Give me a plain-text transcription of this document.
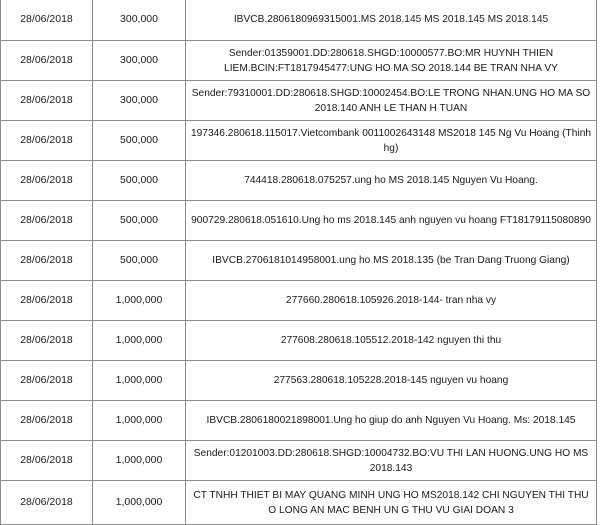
28/06/2018	300,000	IBVCB.2806180969315001.MS 2018.145 MS 2018.145 MS 2018.145
28/06/2018	300,000	Sender:01359001.DD:280618.SHGD:10000577.BO:MR HUYNH THIEN LIEM.BCIN:FT1817945477:UNG HO MA SO 2018.144 BE TRAN NHA VY
28/06/2018	300,000	Sender:79310001.DD:280618.SHGD:10002454.BO:LE TRONG NHAN.UNG HO MA SO 2018.140 ANH LE THAN H TUAN
28/06/2018	500,000	197346.280618.115017.Vietcombank 0011002643148 MS2018 145 Ng Vu Hoang (Thinh hg)
28/06/2018	500,000	744418.280618.075257.ung ho MS 2018.145 Nguyen Vu Hoang.
28/06/2018	500,000	900729.280618.051610.Ung ho ms 2018.145 anh nguyen vu hoang FT18179115080890
28/06/2018	500,000	IBVCB.2706181014958001.ung ho MS 2018.135 (be Tran Dang Truong Giang)
28/06/2018	1,000,000	277660.280618.105926.2018-144- tran nha vy
28/06/2018	1,000,000	277608.280618.105512.2018-142 nguyen thi thu
28/06/2018	1,000,000	277563.280618.105228.2018-145 nguyen vu hoang
28/06/2018	1,000,000	IBVCB.2806180021898001.Ung ho giup do anh Nguyen Vu Hoang. Ms: 2018.145
28/06/2018	1,000,000	Sender:01201003.DD:280618.SHGD:10004732.BO:VU THI LAN HUONG.UNG HO MS 2018.143
28/06/2018	1,000,000	CT TNHH THIET BI MAY QUANG MINH UNG HO MS2018.142 CHI NGUYEN THI THU O LONG AN MAC BENH UN G THU VU GIAI DOAN 3
